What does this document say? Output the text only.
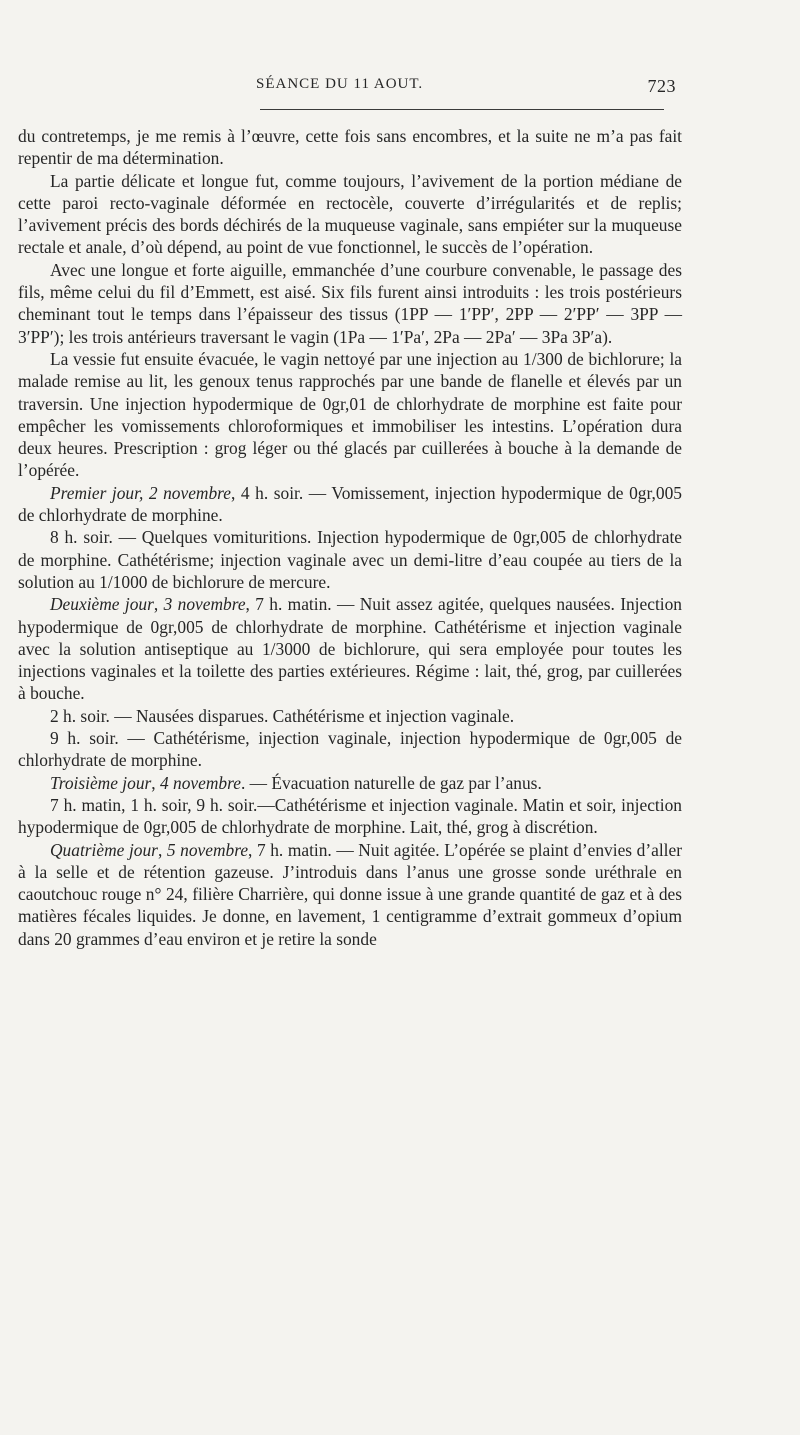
SÉANCE DU 11 AOUT.	723

du contretemps, je me remis à l’œuvre, cette fois sans encombres, et la suite ne m’a pas fait repentir de ma détermination.

La partie délicate et longue fut, comme toujours, l’avivement de la portion médiane de cette paroi recto-vaginale déformée en rectocèle, couverte d’irrégularités et de replis; l’avivement précis des bords déchirés de la muqueuse vaginale, sans empiéter sur la muqueuse rectale et anale, d’où dépend, au point de vue fonctionnel, le succès de l’opération.

Avec une longue et forte aiguille, emmanchée d’une courbure convenable, le passage des fils, même celui du fil d’Emmett, est aisé. Six fils furent ainsi introduits : les trois postérieurs cheminant tout le temps dans l’épaisseur des tissus (1PP — 1′PP′, 2PP — 2′PP′ — 3PP — 3′PP′); les trois antérieurs traversant le vagin (1Pa — 1′Pa′, 2Pa — 2Pa′ — 3Pa 3P′a).

La vessie fut ensuite évacuée, le vagin nettoyé par une injection au 1/300 de bichlorure; la malade remise au lit, les genoux tenus rapprochés par une bande de flanelle et élevés par un traversin. Une injection hypodermique de 0gr,01 de chlorhydrate de morphine est faite pour empêcher les vomissements chloroformiques et immobiliser les intestins. L’opération dura deux heures. Prescription : grog léger ou thé glacés par cuillerées à bouche à la demande de l’opérée.

Premier jour, 2 novembre, 4 h. soir. — Vomissement, injection hypodermique de 0gr,005 de chlorhydrate de morphine.

8 h. soir. — Quelques vomituritions. Injection hypodermique de 0gr,005 de chlorhydrate de morphine. Cathétérisme; injection vaginale avec un demi-litre d’eau coupée au tiers de la solution au 1/1000 de bichlorure de mercure.

Deuxième jour, 3 novembre, 7 h. matin. — Nuit assez agitée, quelques nausées. Injection hypodermique de 0gr,005 de chlorhydrate de morphine. Cathétérisme et injection vaginale avec la solution antiseptique au 1/3000 de bichlorure, qui sera employée pour toutes les injections vaginales et la toilette des parties extérieures. Régime : lait, thé, grog, par cuillerées à bouche.

2 h. soir. — Nausées disparues. Cathétérisme et injection vaginale.

9 h. soir. — Cathétérisme, injection vaginale, injection hypodermique de 0gr,005 de chlorhydrate de morphine.

Troisième jour, 4 novembre. — Évacuation naturelle de gaz par l’anus.

7 h. matin, 1 h. soir, 9 h. soir.—Cathétérisme et injection vaginale. Matin et soir, injection hypodermique de 0gr,005 de chlorhydrate de morphine. Lait, thé, grog à discrétion.

Quatrième jour, 5 novembre, 7 h. matin. — Nuit agitée. L’opérée se plaint d’envies d’aller à la selle et de rétention gazeuse. J’introduis dans l’anus une grosse sonde uréthrale en caoutchouc rouge n° 24, filière Charrière, qui donne issue à une grande quantité de gaz et à des matières fécales liquides. Je donne, en lavement, 1 centigramme d’extrait gommeux d’opium dans 20 grammes d’eau environ et je retire la sonde
